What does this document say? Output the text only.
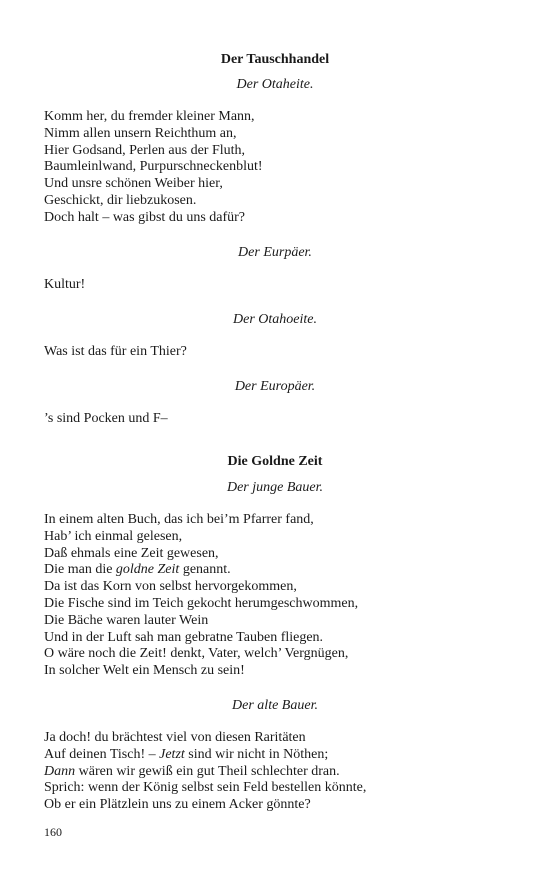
Der Tauschhandel

Der Otaheite.

Komm her, du fremder kleiner Mann,
Nimm allen unsern Reichthum an,
Hier Godsand, Perlen aus der Fluth,
Baumleinlwand, Purpurschneckenblut!
Und unsre schönen Weiber hier,
Geschickt, dir liebzukosen.
Doch halt – was gibst du uns dafür?

Der Eurpäer.

Kultur!

Der Otahoeite.

Was ist das für ein Thier?

Der Europäer.

’s sind Pocken und F–
Die Goldne Zeit

Der junge Bauer.

In einem alten Buch, das ich bei’m Pfarrer fand,
Hab’ ich einmal gelesen,
Daß ehmals eine Zeit gewesen,
Die man die goldne Zeit genannt.
Da ist das Korn von selbst hervorgekommen,
Die Fische sind im Teich gekocht herumgeschwommen,
Die Bäche waren lauter Wein
Und in der Luft sah man gebratne Tauben fliegen.
O wäre noch die Zeit! denkt, Vater, welch’ Vergnügen,
In solcher Welt ein Mensch zu sein!

Der alte Bauer.

Ja doch! du brächtest viel von diesen Raritäten
Auf deinen Tisch! – Jetzt sind wir nicht in Nöthen;
Dann wären wir gewiß ein gut Theil schlechter dran.
Sprich: wenn der König selbst sein Feld bestellen könnte,
Ob er ein Plätzlein uns zu einem Acker gönnte?
160
